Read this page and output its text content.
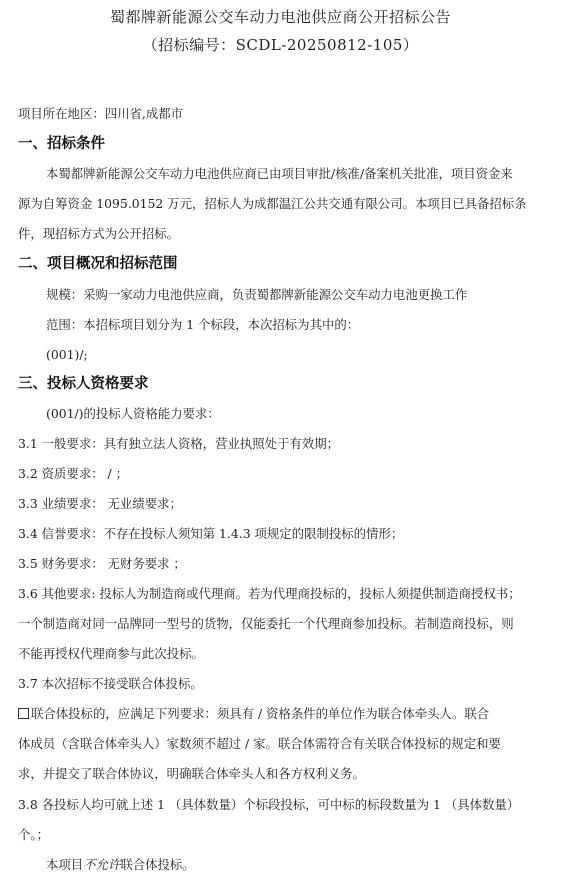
蜀都牌新能源公交车动力电池供应商公开招标公告
（招标编号：SCDL-20250812-105）
项目所在地区：四川省,成都市
一、招标条件
本蜀都牌新能源公交车动力电池供应商已由项目审批/核准/备案机关批准，项目资金来
源为自筹资金 1095.0152 万元，招标人为成都温江公共交通有限公司。本项目已具备招标条
件，现招标方式为公开招标。
二、项目概况和招标范围
规模：采购一家动力电池供应商，负责蜀都牌新能源公交车动力电池更换工作
范围：本招标项目划分为 1 个标段，本次招标为其中的：
(001)/;
三、投标人资格要求
(001/)的投标人资格能力要求：
3.1 一般要求：具有独立法人资格，营业执照处于有效期；
3.2 资质要求： / ；
3.3 业绩要求： 无业绩要求；
3.4 信誉要求：不存在投标人须知第 1.4.3 项规定的限制投标的情形；
3.5 财务要求： 无财务要求 ；
3.6 其他要求: 投标人为制造商或代理商。若为代理商投标的，投标人须提供制造商授权书；
一个制造商对同一品牌同一型号的货物，仅能委托一个代理商参加投标。若制造商投标，则
不能再授权代理商参与此次投标。
3.7 本次招标不接受联合体投标。
联合体投标的，应满足下列要求：须具有 / 资格条件的单位作为联合体牵头人。联合
体成员（含联合体牵头人）家数须不超过 / 家。联合体需符合有关联合体投标的规定和要
求，并提交了联合体协议，明确联合体牵头人和各方权利义务。
3.8 各投标人均可就上述 1 （具体数量）个标段投标，可中标的标段数量为 1 （具体数量）
个。；
本项目不允许联合体投标。
